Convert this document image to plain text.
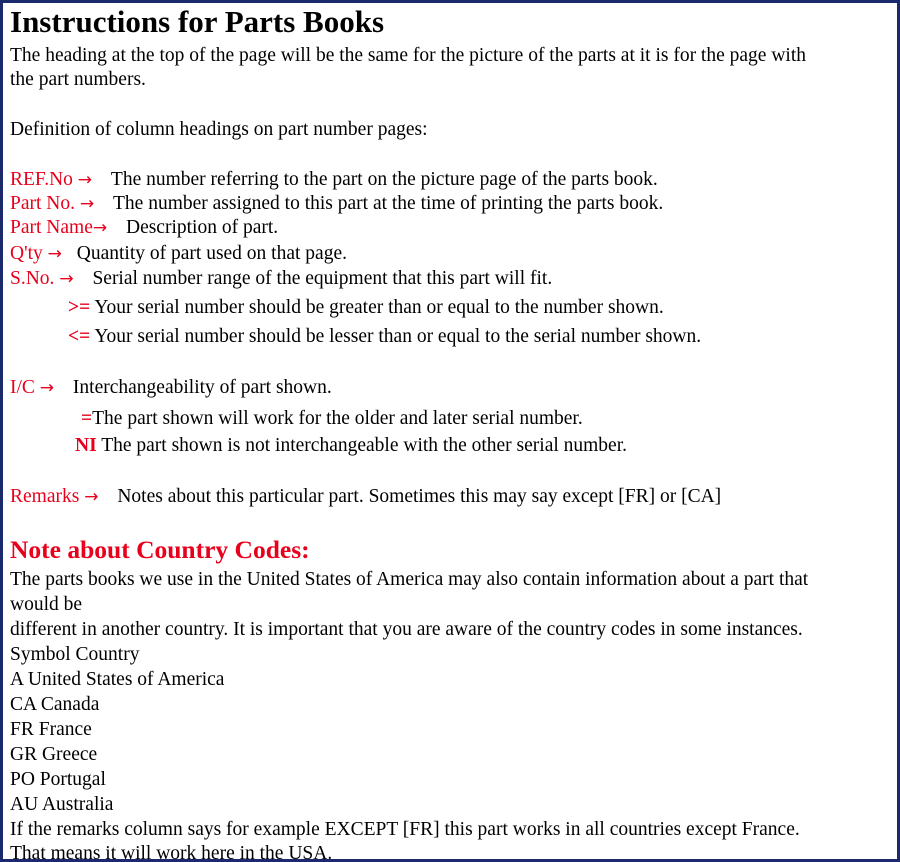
Instructions for Parts Books
The heading at the top of the page will be the same for the picture of the parts at it is for the page with
the part numbers.
Definition of column headings on part number pages:
REF.No → The number referring to the part on the picture page of the parts book.
Part No. → The number assigned to this part at the time of printing the parts book.
Part Name→ Description of part.
Q'ty → Quantity of part used on that page.
S.No. → Serial number range of the equipment that this part will fit.
>= Your serial number should be greater than or equal to the number shown.
<= Your serial number should be lesser than or equal to the serial number shown.
I/C → Interchangeability of part shown.
=The part shown will work for the older and later serial number.
NI The part shown is not interchangeable with the other serial number.
Remarks → Notes about this particular part. Sometimes this may say except [FR] or [CA]
Note about Country Codes:
The parts books we use in the United States of America may also contain information about a part that
would be
different in another country. It is important that you are aware of the country codes in some instances.
Symbol Country
A United States of America
CA Canada
FR France
GR Greece
PO Portugal
AU Australia
If the remarks column says for example EXCEPT [FR] this part works in all countries except France.
That means it will work here in the USA.
